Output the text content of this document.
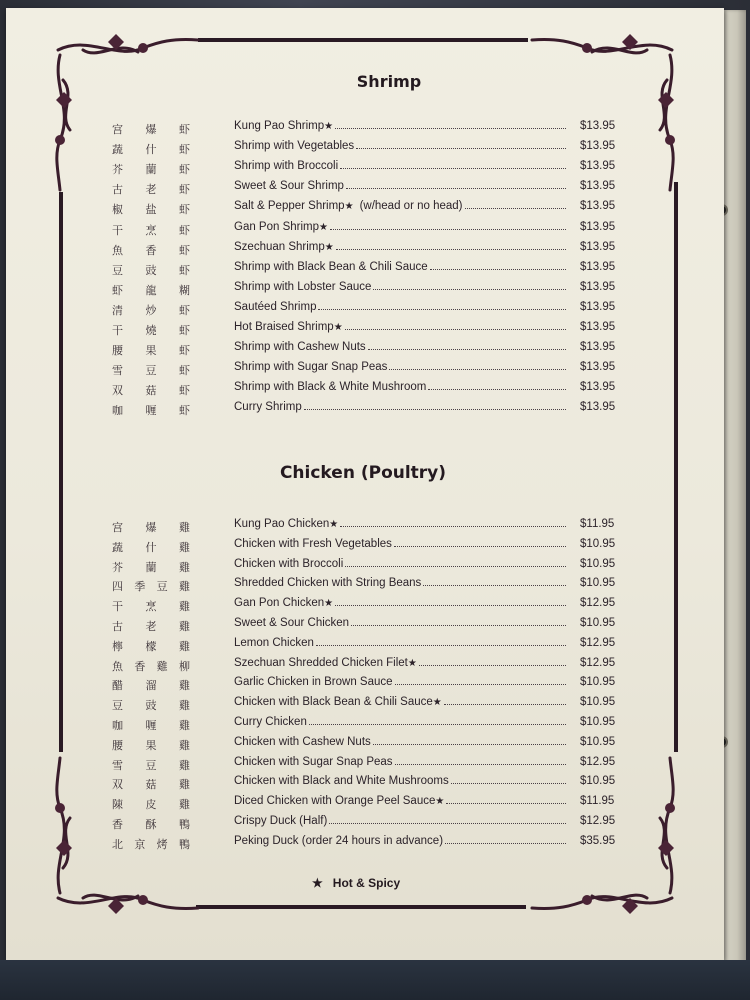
Shrimp
宫 爆 虾	Kung Pao Shrimp ★	$13.95
蔬 什 虾	Shrimp with Vegetables	$13.95
芥 蘭 虾	Shrimp with Broccoli	$13.95
古 老 虾	Sweet & Sour Shrimp	$13.95
椒 盐 虾	Salt & Pepper Shrimp ★ (w/head or no head)	$13.95
干 烹 虾	Gan Pon Shrimp ★	$13.95
魚 香 虾	Szechuan Shrimp ★	$13.95
豆 豉 虾	Shrimp with Black Bean & Chili Sauce	$13.95
虾 龍 糊	Shrimp with Lobster Sauce	$13.95
清 炒 虾	Sautéed Shrimp	$13.95
干 燒 虾	Hot Braised Shrimp ★	$13.95
腰 果 虾	Shrimp with Cashew Nuts	$13.95
雪 豆 虾	Shrimp with Sugar Snap Peas	$13.95
双 菇 虾	Shrimp with Black & White Mushroom	$13.95
咖 喱 虾	Curry Shrimp	$13.95
Chicken (Poultry)
宫 爆 雞	Kung Pao Chicken ★	$11.95
蔬 什 雞	Chicken with Fresh Vegetables	$10.95
芥 蘭 雞	Chicken with Broccoli	$10.95
四 季 豆 雞	Shredded Chicken with String Beans	$10.95
干 烹 雞	Gan Pon Chicken ★	$12.95
古 老 雞	Sweet & Sour Chicken	$10.95
檸 檬 雞	Lemon Chicken	$12.95
魚 香 雞 柳	Szechuan Shredded Chicken Filet ★	$12.95
醋 溜 雞	Garlic Chicken in Brown Sauce	$10.95
豆 豉 雞	Chicken with Black Bean & Chili Sauce ★	$10.95
咖 喱 雞	Curry Chicken	$10.95
腰 果 雞	Chicken with Cashew Nuts	$10.95
雪 豆 雞	Chicken with Sugar Snap Peas	$12.95
双 菇 雞	Chicken with Black and White Mushrooms	$10.95
陳 皮 雞	Diced Chicken with Orange Peel Sauce ★	$11.95
香 酥 鴨	Crispy Duck (Half)	$12.95
北 京 烤 鴨	Peking Duck (order 24 hours in advance)	$35.95
★ Hot & Spicy
